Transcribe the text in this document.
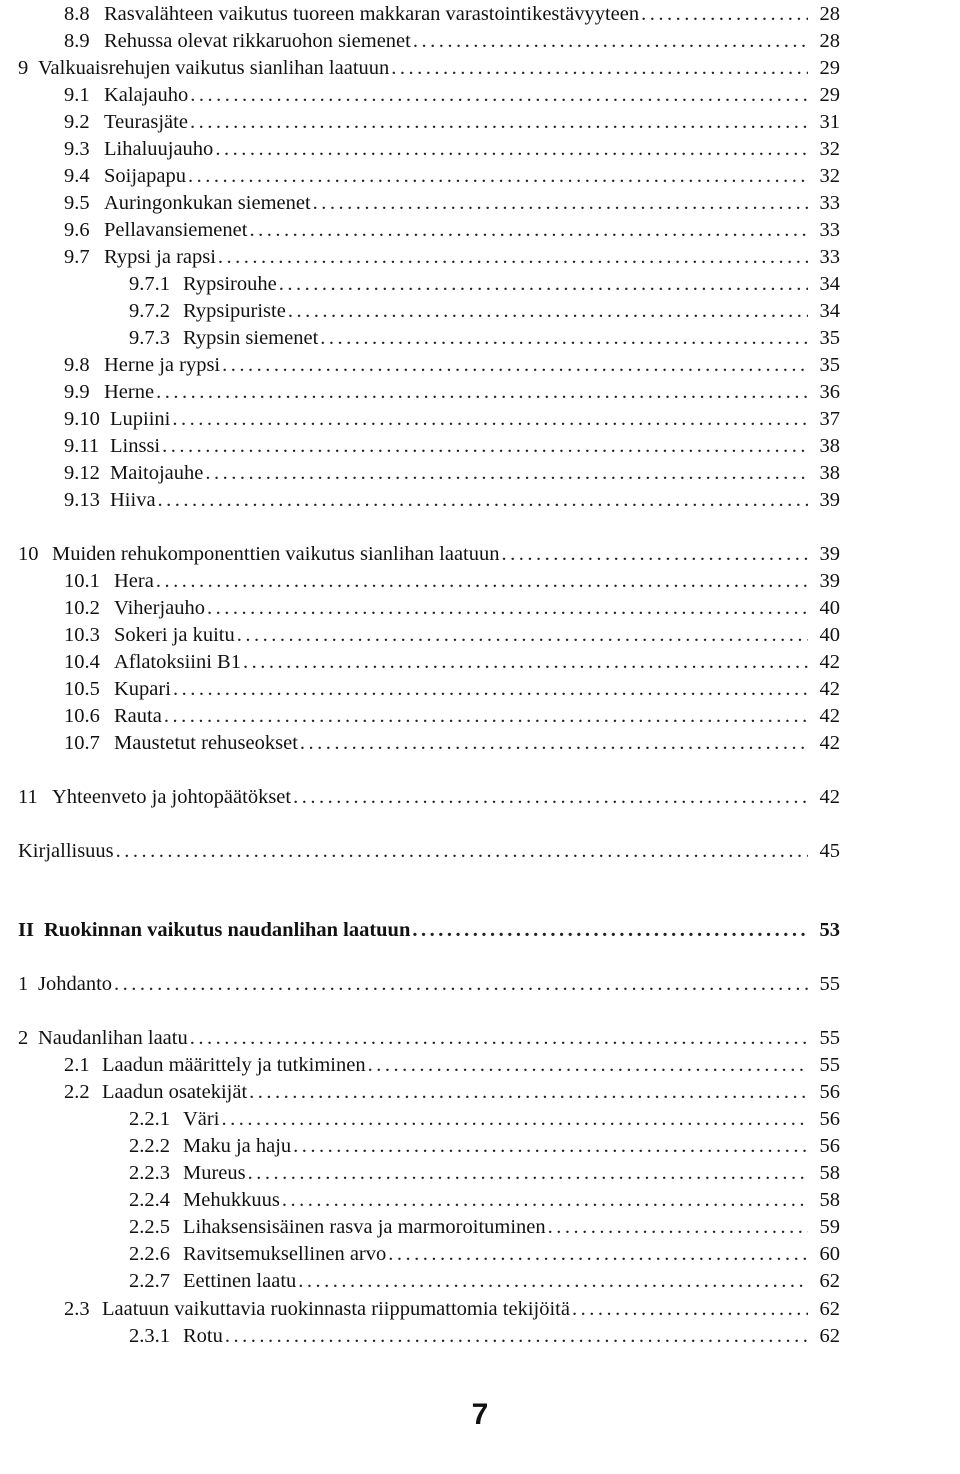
8.8 Rasvalähteen vaikutus tuoreen makkaran varastointikestävyyteen .....	28
8.9 Rehussa olevat rikkaruohon siemenet .....	28
9 Valkuaisrehujen vaikutus sianlihan laatuun .....	29
9.1 Kalajauho .....	29
9.2 Teurasjäte .....	31
9.3 Lihaluujauho .....	32
9.4 Soijapapu .....	32
9.5 Auringonkukan siemenet .....	33
9.6 Pellavansiemenet .....	33
9.7 Rypsi ja rapsi .....	33
9.7.1 Rypsirouhe .....	34
9.7.2 Rypsipuriste .....	34
9.7.3 Rypsin siemenet .....	35
9.8 Herne ja rypsi .....	35
9.9 Herne .....	36
9.10 Lupiini .....	37
9.11 Linssi .....	38
9.12 Maitojauhe .....	38
9.13 Hiiva .....	39
10 Muiden rehukomponenttien vaikutus sianlihan laatuun .....	39
10.1 Hera .....	39
10.2 Viherjauho .....	40
10.3 Sokeri ja kuitu .....	40
10.4 Aflatoksiini B1 .....	42
10.5 Kupari .....	42
10.6 Rauta .....	42
10.7 Maustetut rehuseokset .....	42
11 Yhteenveto ja johtopäätökset .....	42
Kirjallisuus .....	45
II Ruokinnan vaikutus naudanlihan laatuun .....	53
1 Johdanto .....	55
2 Naudanlihan laatu .....	55
2.1 Laadun määrittely ja tutkiminen .....	55
2.2 Laadun osatekijät .....	56
2.2.1 Väri .....	56
2.2.2 Maku ja haju .....	56
2.2.3 Mureus .....	58
2.2.4 Mehukkuus .....	58
2.2.5 Lihaksensisäinen rasva ja marmoroituminen .....	59
2.2.6 Ravitsemuksellinen arvo .....	60
2.2.7 Eettinen laatu .....	62
2.3 Laatuun vaikuttavia ruokinnasta riippumattomia tekijöitä .....	62
2.3.1 Rotu .....	62
7
